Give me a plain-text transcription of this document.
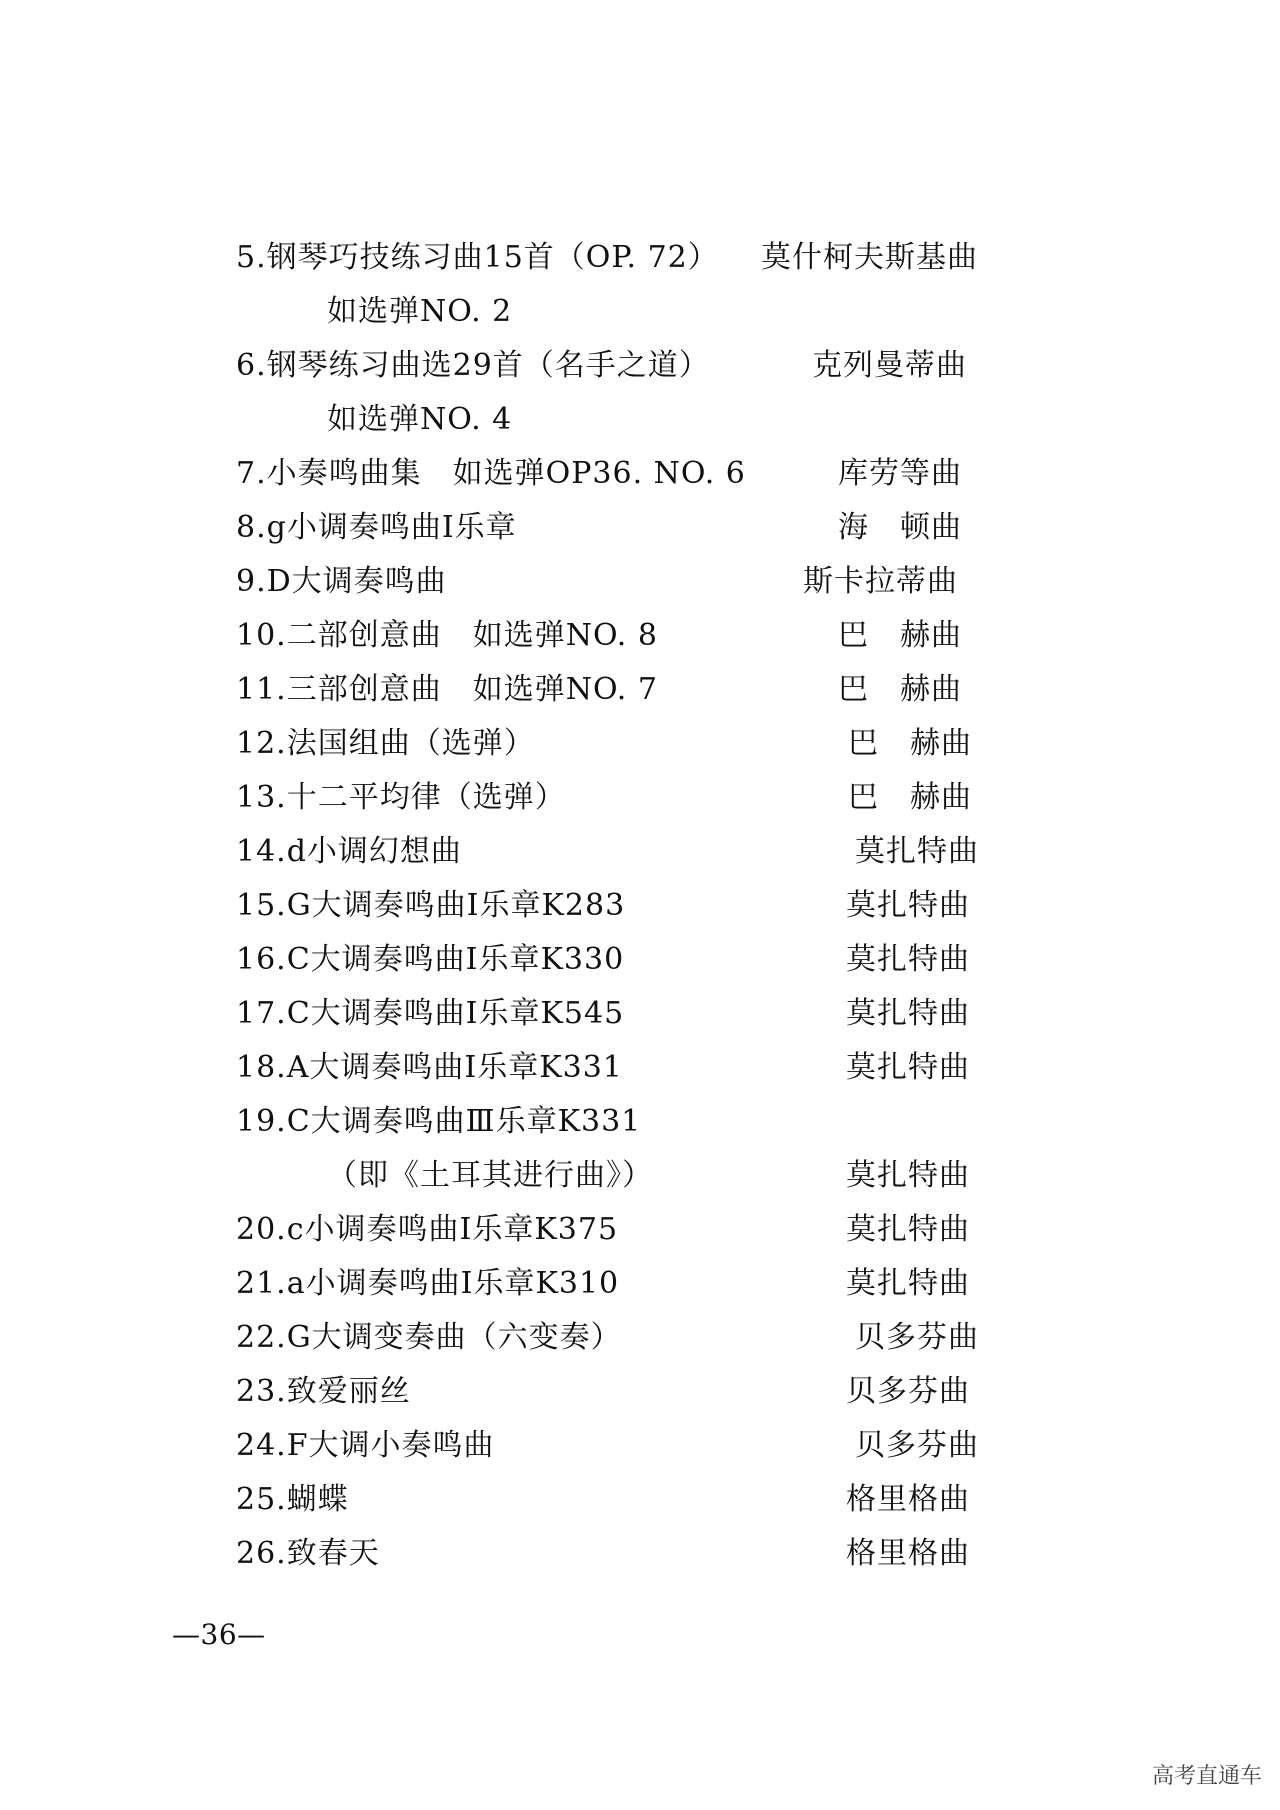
5.钢琴巧技练习曲15首（OP. 72） 莫什柯夫斯基曲
如选弹NO. 2
6.钢琴练习曲选29首（名手之道）	克列曼蒂曲
如选弹NO. 4
7.小奏鸣曲集　如选弹OP36. NO. 6	库劳等曲
8.g小调奏鸣曲Ⅰ乐章	海　顿曲
9.D大调奏鸣曲	斯卡拉蒂曲
10.二部创意曲　如选弹NO. 8	巴　赫曲
11.三部创意曲　如选弹NO. 7	巴　赫曲
12.法国组曲（选弹）	巴　赫曲
13.十二平均律（选弹）	巴　赫曲
14.d小调幻想曲	莫扎特曲
15.G大调奏鸣曲Ⅰ乐章K283	莫扎特曲
16.C大调奏鸣曲Ⅰ乐章K330	莫扎特曲
17.C大调奏鸣曲Ⅰ乐章K545	莫扎特曲
18.A大调奏鸣曲Ⅰ乐章K331	莫扎特曲
19.C大调奏鸣曲Ⅲ乐章K331
（即《土耳其进行曲》）	莫扎特曲
20.c小调奏鸣曲Ⅰ乐章K375	莫扎特曲
21.a小调奏鸣曲Ⅰ乐章K310	莫扎特曲
22.G大调变奏曲（六变奏）	贝多芬曲
23.致爱丽丝	贝多芬曲
24.F大调小奏鸣曲	贝多芬曲
25.蝴蝶	格里格曲
26.致春天	格里格曲
—36—
高考直通车
